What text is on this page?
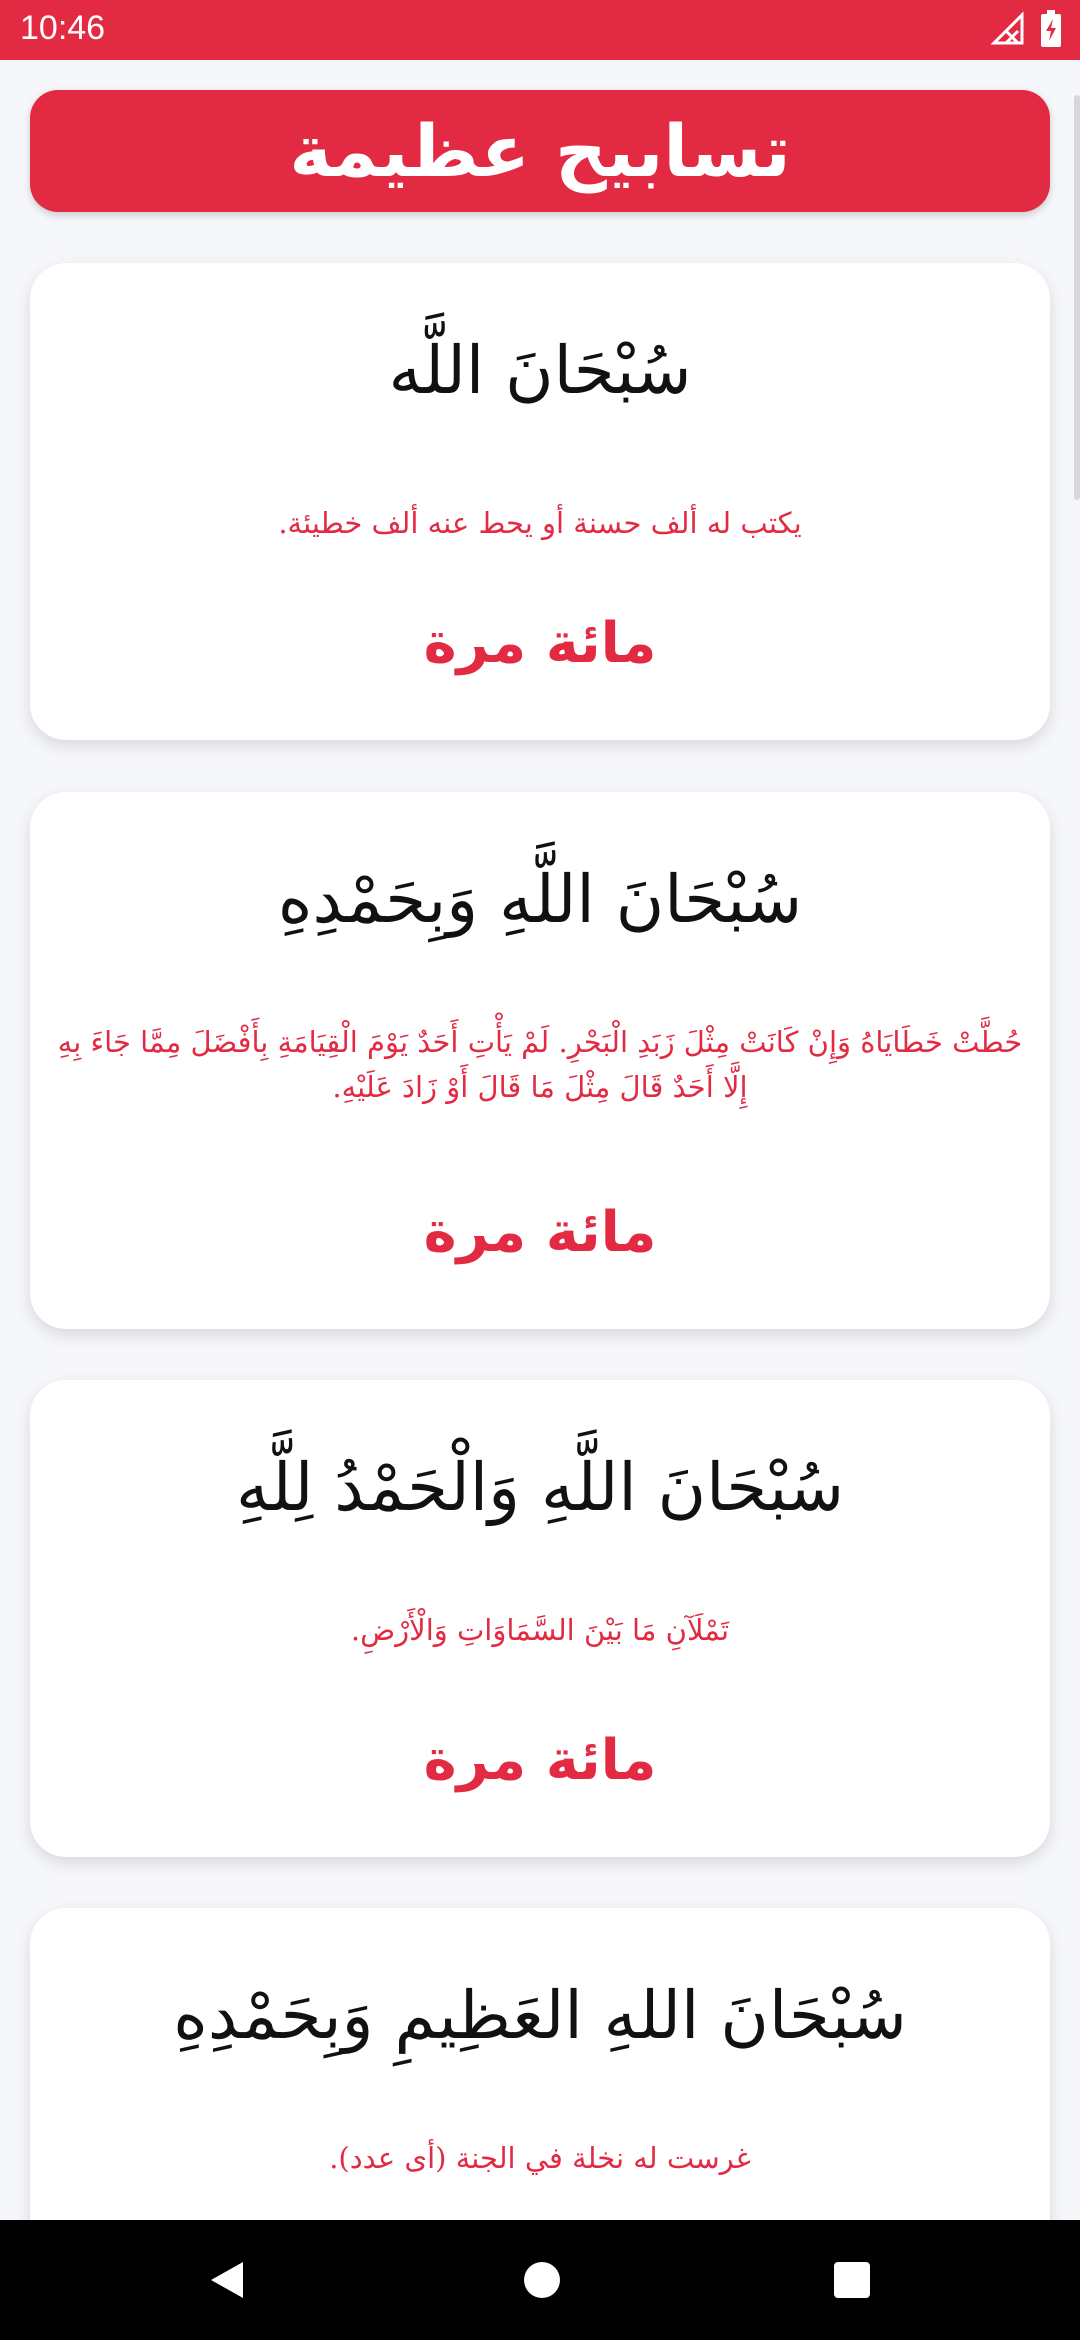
10:46
تسابيح عظيمة
سُبْحَانَ اللَّه
يكتب له ألف حسنة أو يحط عنه ألف خطيئة.
مائة مرة
سُبْحَانَ اللَّهِ وَبِحَمْدِهِ
حُطَّتْ خَطَايَاهُ وَإِنْ كَانَتْ مِثْلَ زَبَدِ الْبَحْرِ. لَمْ يَأْتِ أَحَدٌ يَوْمَ الْقِيَامَةِ بِأَفْضَلَ مِمَّا جَاءَ بِهِ إِلَّا أَحَدٌ قَالَ مِثْلَ مَا قَالَ أَوْ زَادَ عَلَيْهِ.
مائة مرة
سُبْحَانَ اللَّهِ وَالْحَمْدُ لِلَّهِ
تَمْلَآنِ مَا بَيْنَ السَّمَاوَاتِ وَالْأَرْضِ.
مائة مرة
سُبْحَانَ اللهِ العَظِيمِ وَبِحَمْدِهِ
غرست له نخلة في الجنة (أى عدد).
